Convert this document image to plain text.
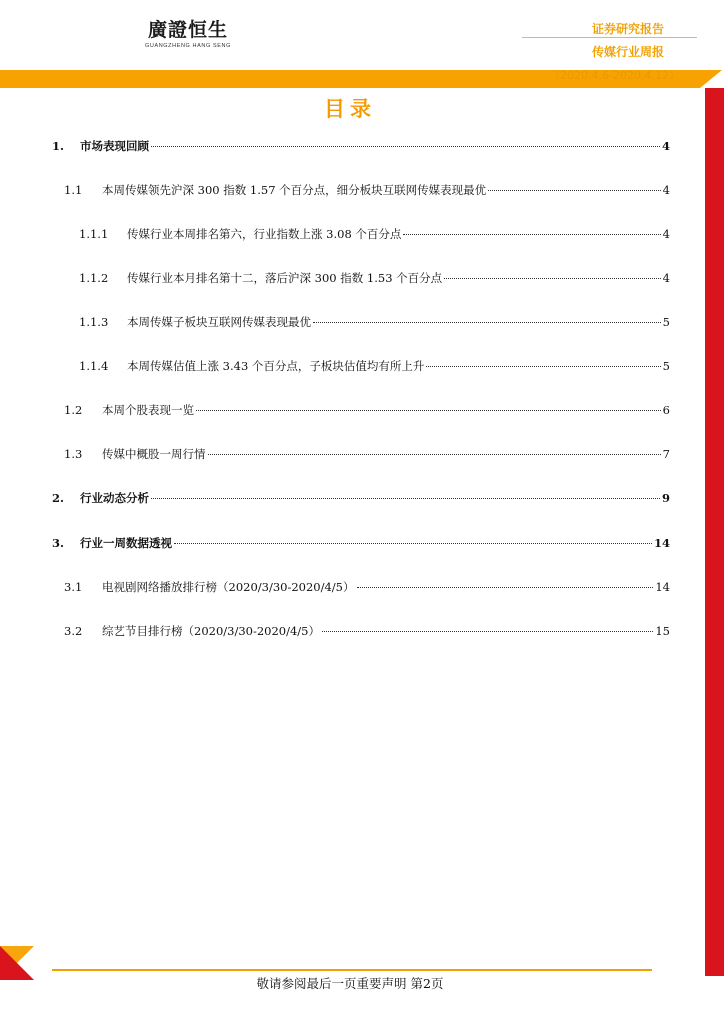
廣證恒生
GUANGZHENG HANG SENG
证券研究报告
传媒行业周报
（2020.4.6-2020.4.12）
目录
1.	市场表现回顾	4
1.1	本周传媒领先沪深 300 指数 1.57 个百分点，细分板块互联网传媒表现最优	4
1.1.1	传媒行业本周排名第六，行业指数上涨 3.08 个百分点	4
1.1.2	传媒行业本月排名第十二，落后沪深 300 指数 1.53 个百分点	4
1.1.3	本周传媒子板块互联网传媒表现最优	5
1.1.4	本周传媒估值上涨 3.43 个百分点，子板块估值均有所上升	5
1.2	本周个股表现一览	6
1.3	传媒中概股一周行情	7
2.	行业动态分析	9
3.	行业一周数据透视	14
3.1	电视剧网络播放排行榜（2020/3/30-2020/4/5）	14
3.2	综艺节目排行榜（2020/3/30-2020/4/5）	15
敬请参阅最后一页重要声明 第2页
